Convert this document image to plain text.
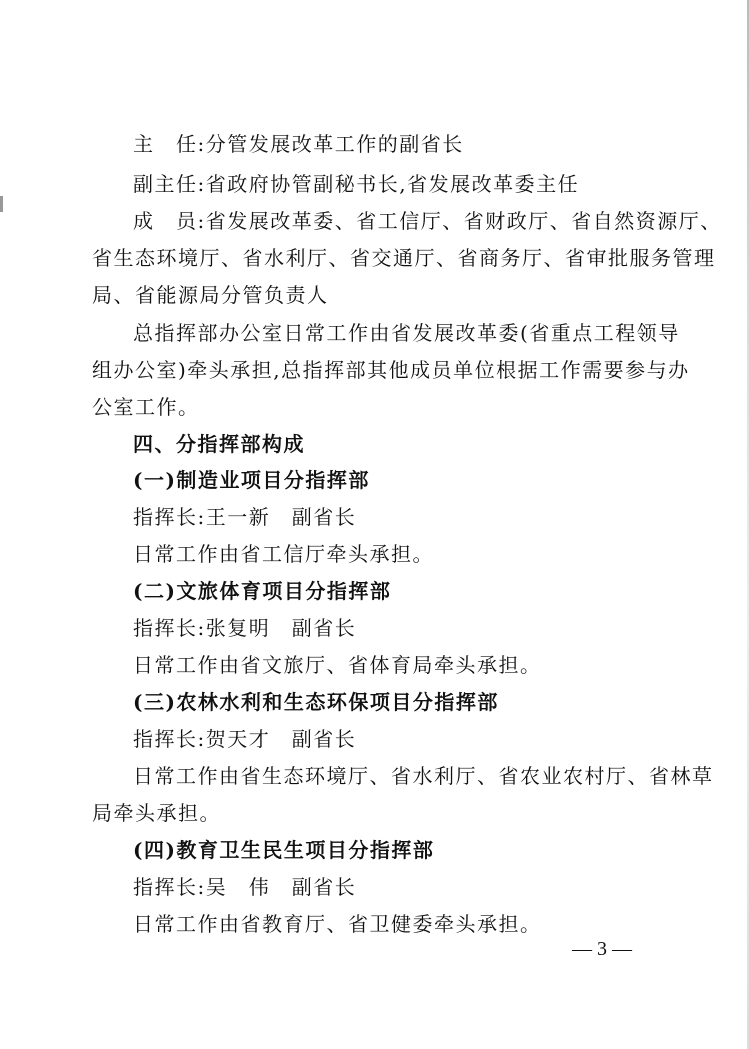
主　任:分管发展改革工作的副省长
副主任:省政府协管副秘书长,省发展改革委主任
成　员:省发展改革委、省工信厅、省财政厅、省自然资源厅、
省生态环境厅、省水利厅、省交通厅、省商务厅、省审批服务管理
局、省能源局分管负责人
总指挥部办公室日常工作由省发展改革委(省重点工程领导
组办公室)牵头承担,总指挥部其他成员单位根据工作需要参与办
公室工作。
四、分指挥部构成
(一)制造业项目分指挥部
指挥长:王一新　副省长
日常工作由省工信厅牵头承担。
(二)文旅体育项目分指挥部
指挥长:张复明　副省长
日常工作由省文旅厅、省体育局牵头承担。
(三)农林水利和生态环保项目分指挥部
指挥长:贺天才　副省长
日常工作由省生态环境厅、省水利厅、省农业农村厅、省林草
局牵头承担。
(四)教育卫生民生项目分指挥部
指挥长:吴　伟　副省长
日常工作由省教育厅、省卫健委牵头承担。
— 3 —
